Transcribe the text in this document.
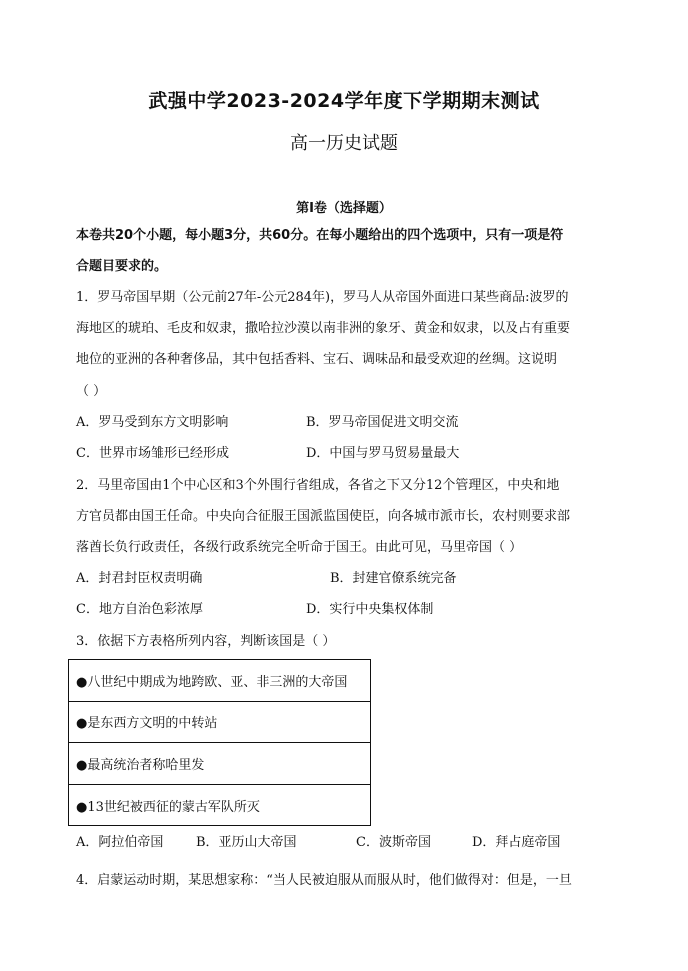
武强中学2023-2024学年度下学期期末测试
高一历史试题
第I卷（选择题）
本卷共20个小题，每小题3分，共60分。在每小题给出的四个选项中，只有一项是符
合题目要求的。
1．罗马帝国早期（公元前27年-公元284年)，罗马人从帝国外面进口某些商品:波罗的
海地区的琥珀、毛皮和奴隶，撒哈拉沙漠以南非洲的象牙、黄金和奴隶，以及占有重要
地位的亚洲的各种奢侈品，其中包括香料、宝石、调味品和最受欢迎的丝绸。这说明
（ ）
A．罗马受到东方文明影响	B．罗马帝国促进文明交流
C．世界市场雏形已经形成	D．中国与罗马贸易量最大
2．马里帝国由1个中心区和3个外围行省组成，各省之下又分12个管理区，中央和地
方官员都由国王任命。中央向合征服王国派监国使臣，向各城市派市长，农村则要求部
落酋长负行政责任，各级行政系统完全听命于国王。由此可见，马里帝国（ ）
A．封君封臣权责明确	B．封建官僚系统完备
C．地方自治色彩浓厚	D．实行中央集权体制
3．依据下方表格所列内容，判断该国是（ ）
●八世纪中期成为地跨欧、亚、非三洲的大帝国
●是东西方文明的中转站
●最高统治者称哈里发
●13世纪被西征的蒙古军队所灭
A．阿拉伯帝国	B．亚历山大帝国	C．波斯帝国	D．拜占庭帝国
4．启蒙运动时期，某思想家称：“当人民被迫服从而服从时，他们做得对：但是，一旦
